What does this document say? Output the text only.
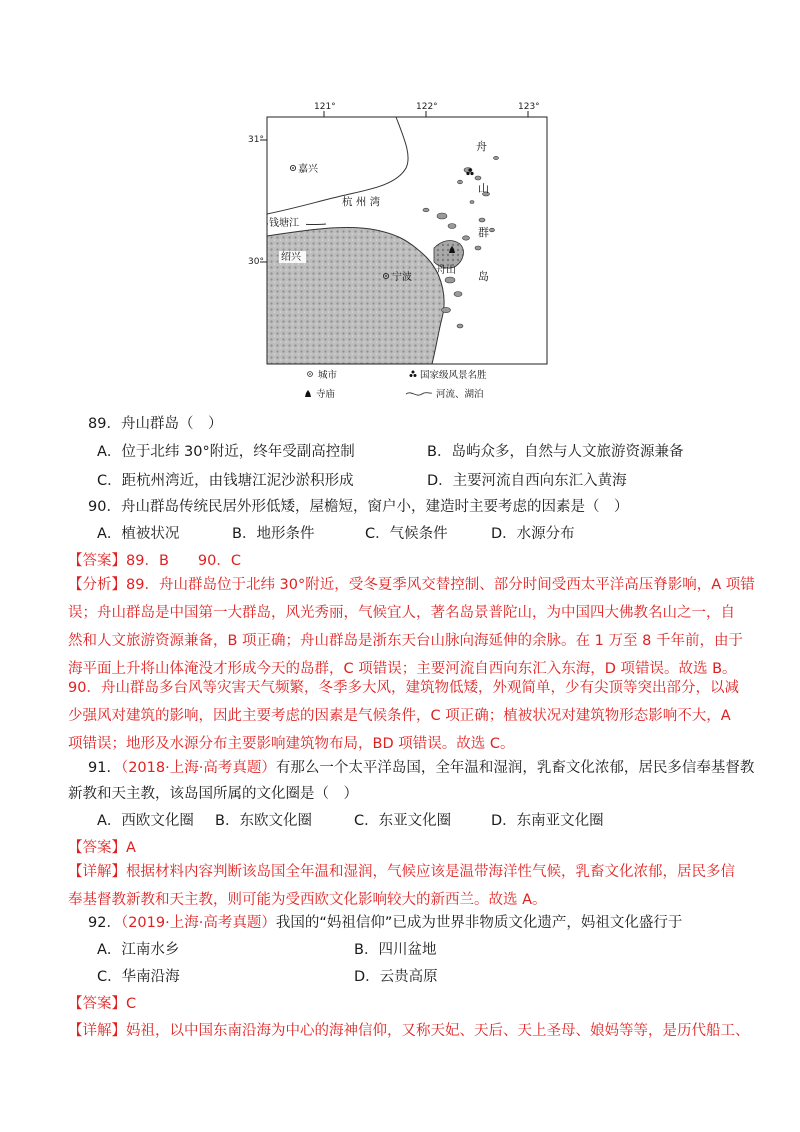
121°	122°	123°
31°
30°
嘉兴
杭 州 湾
钱塘江
绍兴
宁波
舟山
舟
山
群
岛
城市	国家级风景名胜
寺庙	河流、湖泊
89．舟山群岛（　）
A．位于北纬 30°附近，终年受副高控制	B．岛屿众多，自然与人文旅游资源兼备
C．距杭州湾近，由钱塘江泥沙淤积形成	D．主要河流自西向东汇入黄海
90．舟山群岛传统民居外形低矮，屋檐短，窗户小，建造时主要考虑的因素是（　）
A．植被状况	B．地形条件	C．气候条件	D．水源分布
【答案】89．B　　90．C
【分析】89．舟山群岛位于北纬 30°附近，受冬夏季风交替控制、部分时间受西太平洋高压脊影响，A 项错
误；舟山群岛是中国第一大群岛，风光秀丽，气候宜人，著名岛景普陀山，为中国四大佛教名山之一，自
然和人文旅游资源兼备，B 项正确；舟山群岛是浙东天台山脉向海延伸的余脉。在 1 万至 8 千年前，由于
海平面上升将山体淹没才形成今天的岛群，C 项错误；主要河流自西向东汇入东海，D 项错误。故选 B。
90．舟山群岛多台风等灾害天气频繁，冬季多大风，建筑物低矮，外观简单，少有尖顶等突出部分，以减
少强风对建筑的影响，因此主要考虑的因素是气候条件，C 项正确；植被状况对建筑物形态影响不大，A
项错误；地形及水源分布主要影响建筑物布局，BD 项错误。故选 C。
91．（2018·上海·高考真题）有那么一个太平洋岛国，全年温和湿润，乳畜文化浓郁，居民多信奉基督教
新教和天主教，该岛国所属的文化圈是（　）
A．西欧文化圈 B．东欧文化圈	C．东亚文化圈	D．东南亚文化圈
【答案】A
【详解】根据材料内容判断该岛国全年温和湿润，气候应该是温带海洋性气候，乳畜文化浓郁，居民多信
奉基督教新教和天主教，则可能为受西欧文化影响较大的新西兰。故选 A。
92．（2019·上海·高考真题）我国的“妈祖信仰”已成为世界非物质文化遗产，妈祖文化盛行于
A．江南水乡	B．四川盆地
C．华南沿海	D．云贵高原
【答案】C
【详解】妈祖，以中国东南沿海为中心的海神信仰，又称天妃、天后、天上圣母、娘妈等等，是历代船工、
